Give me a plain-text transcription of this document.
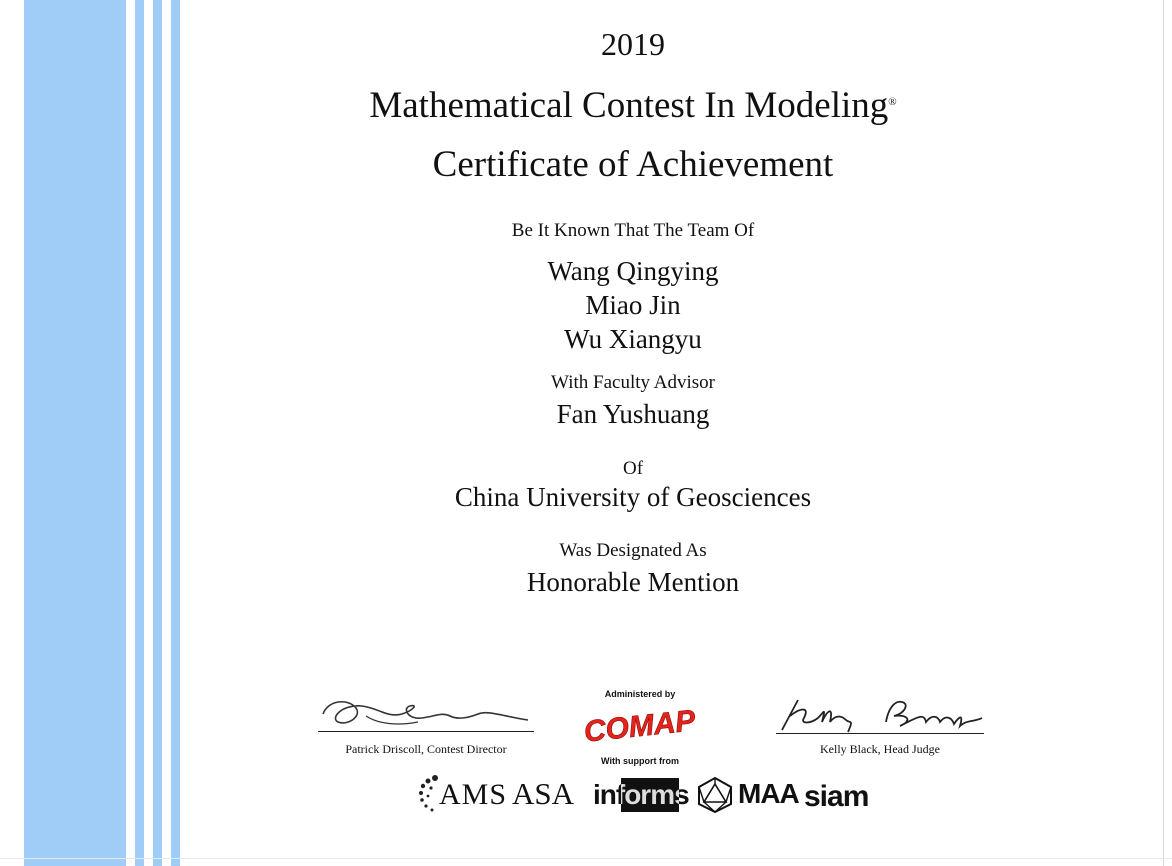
2019
Mathematical Contest In Modeling®
Certificate of Achievement
Be It Known That The Team Of
Wang Qingying
Miao Jin
Wu Xiangyu
With Faculty Advisor
Fan Yushuang
Of
China University of Geosciences
Was Designated As
Honorable Mention
Patrick Driscoll, Contest Director	Kelly Black, Head Judge
Administered by
COMAP
With support from
AMS ASA informs MAA siam
